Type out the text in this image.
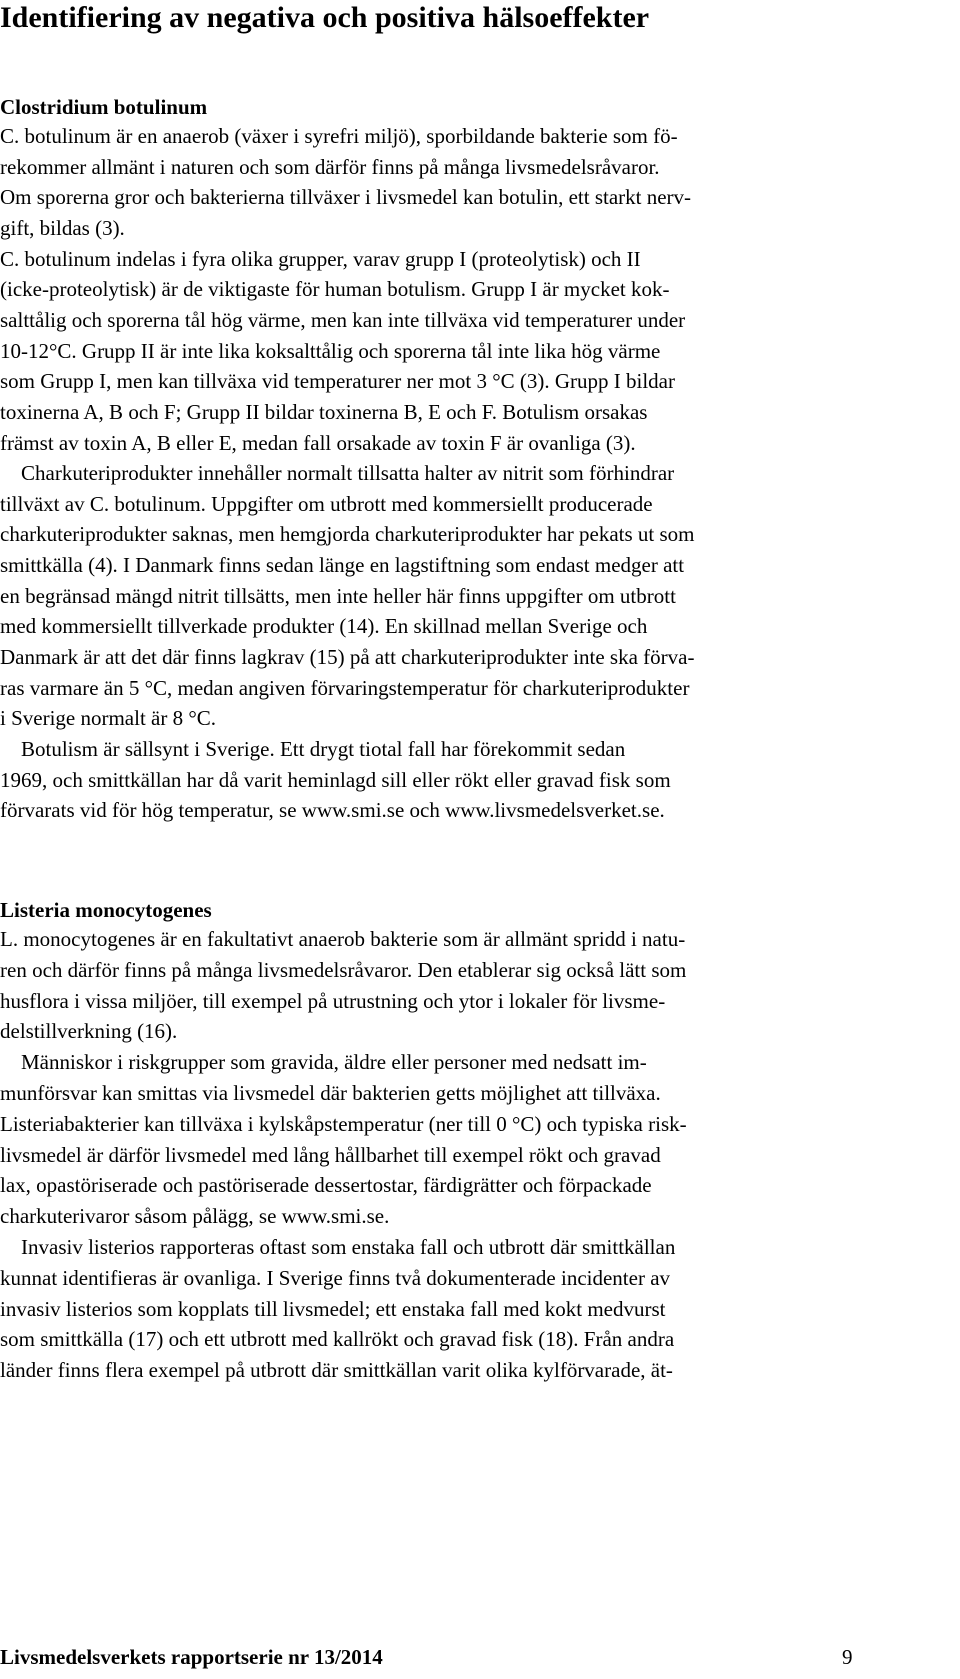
Identifiering av negativa och positiva hälsoeffekter
Clostridium botulinum
C. botulinum är en anaerob (växer i syrefri miljö), sporbildande bakterie som fö-
rekommer allmänt i naturen och som därför finns på många livsmedelsråvaror.
Om sporerna gror och bakterierna tillväxer i livsmedel kan botulin, ett starkt nerv-
gift, bildas (3).
C. botulinum indelas i fyra olika grupper, varav grupp I (proteolytisk) och II
(icke-proteolytisk) är de viktigaste för human botulism. Grupp I är mycket kok-
salttålig och sporerna tål hög värme, men kan inte tillväxa vid temperaturer under
10-12°C. Grupp II är inte lika koksalttålig och sporerna tål inte lika hög värme
som Grupp I, men kan tillväxa vid temperaturer ner mot 3 °C (3). Grupp I bildar
toxinerna A, B och F; Grupp II bildar toxinerna B, E och F. Botulism orsakas
främst av toxin A, B eller E, medan fall orsakade av toxin F är ovanliga (3).
Charkuteriprodukter innehåller normalt tillsatta halter av nitrit som förhindrar
tillväxt av C. botulinum. Uppgifter om utbrott med kommersiellt producerade
charkuteriprodukter saknas, men hemgjorda charkuteriprodukter har pekats ut som
smittkälla (4). I Danmark finns sedan länge en lagstiftning som endast medger att
en begränsad mängd nitrit tillsätts, men inte heller här finns uppgifter om utbrott
med kommersiellt tillverkade produkter (14). En skillnad mellan Sverige och
Danmark är att det där finns lagkrav (15) på att charkuteriprodukter inte ska förva-
ras varmare än 5 °C, medan angiven förvaringstemperatur för charkuteriprodukter
i Sverige normalt är 8 °C.
Botulism är sällsynt i Sverige. Ett drygt tiotal fall har förekommit sedan
1969, och smittkällan har då varit heminlagd sill eller rökt eller gravad fisk som
förvarats vid för hög temperatur, se www.smi.se och www.livsmedelsverket.se.
Listeria monocytogenes
L. monocytogenes är en fakultativt anaerob bakterie som är allmänt spridd i natu-
ren och därför finns på många livsmedelsråvaror. Den etablerar sig också lätt som
husflora i vissa miljöer, till exempel på utrustning och ytor i lokaler för livsme-
delstillverkning (16).
Människor i riskgrupper som gravida, äldre eller personer med nedsatt im-
munförsvar kan smittas via livsmedel där bakterien getts möjlighet att tillväxa.
Listeriabakterier kan tillväxa i kylskåpstemperatur (ner till 0 °C) och typiska risk-
livsmedel är därför livsmedel med lång hållbarhet till exempel rökt och gravad
lax, opastöriserade och pastöriserade dessertostar, färdigrätter och förpackade
charkuterivaror såsom pålägg, se www.smi.se.
Invasiv listerios rapporteras oftast som enstaka fall och utbrott där smittkällan
kunnat identifieras är ovanliga. I Sverige finns två dokumenterade incidenter av
invasiv listerios som kopplats till livsmedel; ett enstaka fall med kokt medvurst
som smittkälla (17) och ett utbrott med kallrökt och gravad fisk (18). Från andra
länder finns flera exempel på utbrott där smittkällan varit olika kylförvarade, ät-
Livsmedelsverkets rapportserie nr 13/2014	9
